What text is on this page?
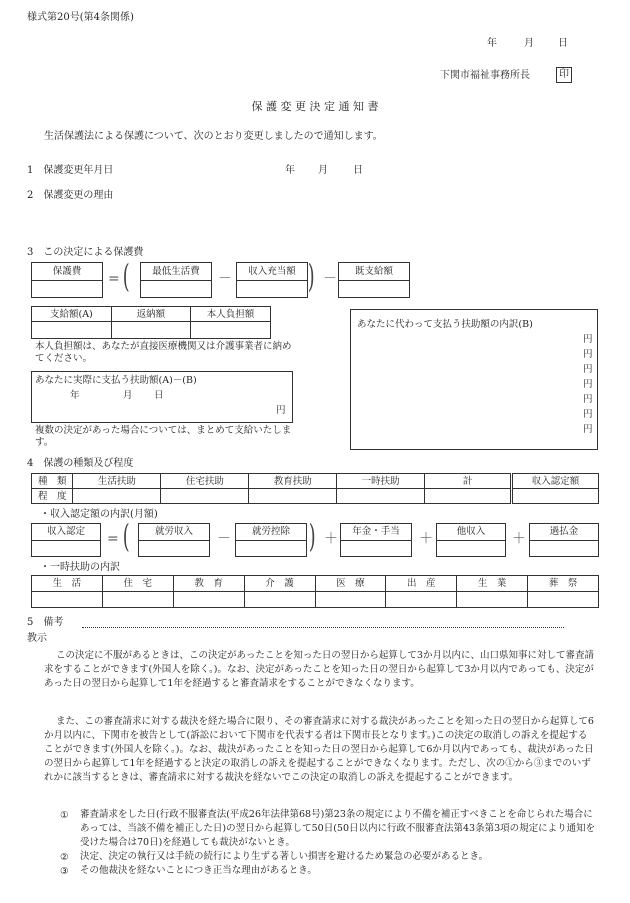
様式第20号(第4条関係)
年	月 日
下関市福祉事務所長	印
保 護 変 更 決 定 通 知 書
生活保護法による保護について、次のとおり変更しましたので通知します。
1　保護変更年月日	年 月	日
2　保護変更の理由
3　この決定による保護費
保護費	= (	最低生活費	－	収入充当額 ) －	既支給額
支給額(A)	返納額	本人負担額

本人負担額は、あなたが直接医療機関又は介護事業者に納めてください。
あなたに実際に支払う扶助額(A)－(B)
年	月 日
円
複数の決定があった場合については、まとめて支給いたします。
あなたに代わって支払う扶助額の内訳(B)
円
円
円
円
円
円
円
4　保護の種類及び程度
種　類	生活扶助	住宅扶助	教育扶助	一時扶助	計	収入認定額
程　度						
・収入認定額の内訳(月額)
収入認定	= (	就労収入	－	就労控除 ) ＋	年金・手当	＋	他収入	＋	過払金
・一時扶助の内訳
生　活	住　宅	教　育	介　護	医　療	出　産	生　業	葬　祭

5　備考
教示
この決定に不服があるときは、この決定があったことを知った日の翌日から起算して3か月以内に、山口県知事に対して審査請求をすることができます(外国人を除く。)。なお、決定があったことを知った日の翌日から起算して3か月以内であっても、決定があった日の翌日から起算して1年を経過すると審査請求をすることができなくなります。
また、この審査請求に対する裁決を経た場合に限り、その審査請求に対する裁決があったことを知った日の翌日から起算して6か月以内に、下関市を被告として(訴訟において下関市を代表する者は下関市長となります。)この決定の取消しの訴えを提起することができます(外国人を除く。)。なお、裁決があったことを知った日の翌日から起算して6か月以内であっても、裁決があった日の翌日から起算して1年を経過すると決定の取消しの訴えを提起することができなくなります。ただし、次の①から③までのいずれかに該当するときは、審査請求に対する裁決を経ないでこの決定の取消しの訴えを提起することができます。
① 審査請求をした日(行政不服審査法(平成26年法律第68号)第23条の規定により不備を補正すべきことを命じられた場合にあっては、当該不備を補正した日)の翌日から起算して50日(50日以内に行政不服審査法第43条第3項の規定により通知を受けた場合は70日)を経過しても裁決がないとき。
② 決定、決定の執行又は手続の続行により生ずる著しい損害を避けるため緊急の必要があるとき。
③ その他裁決を経ないことにつき正当な理由があるとき。
